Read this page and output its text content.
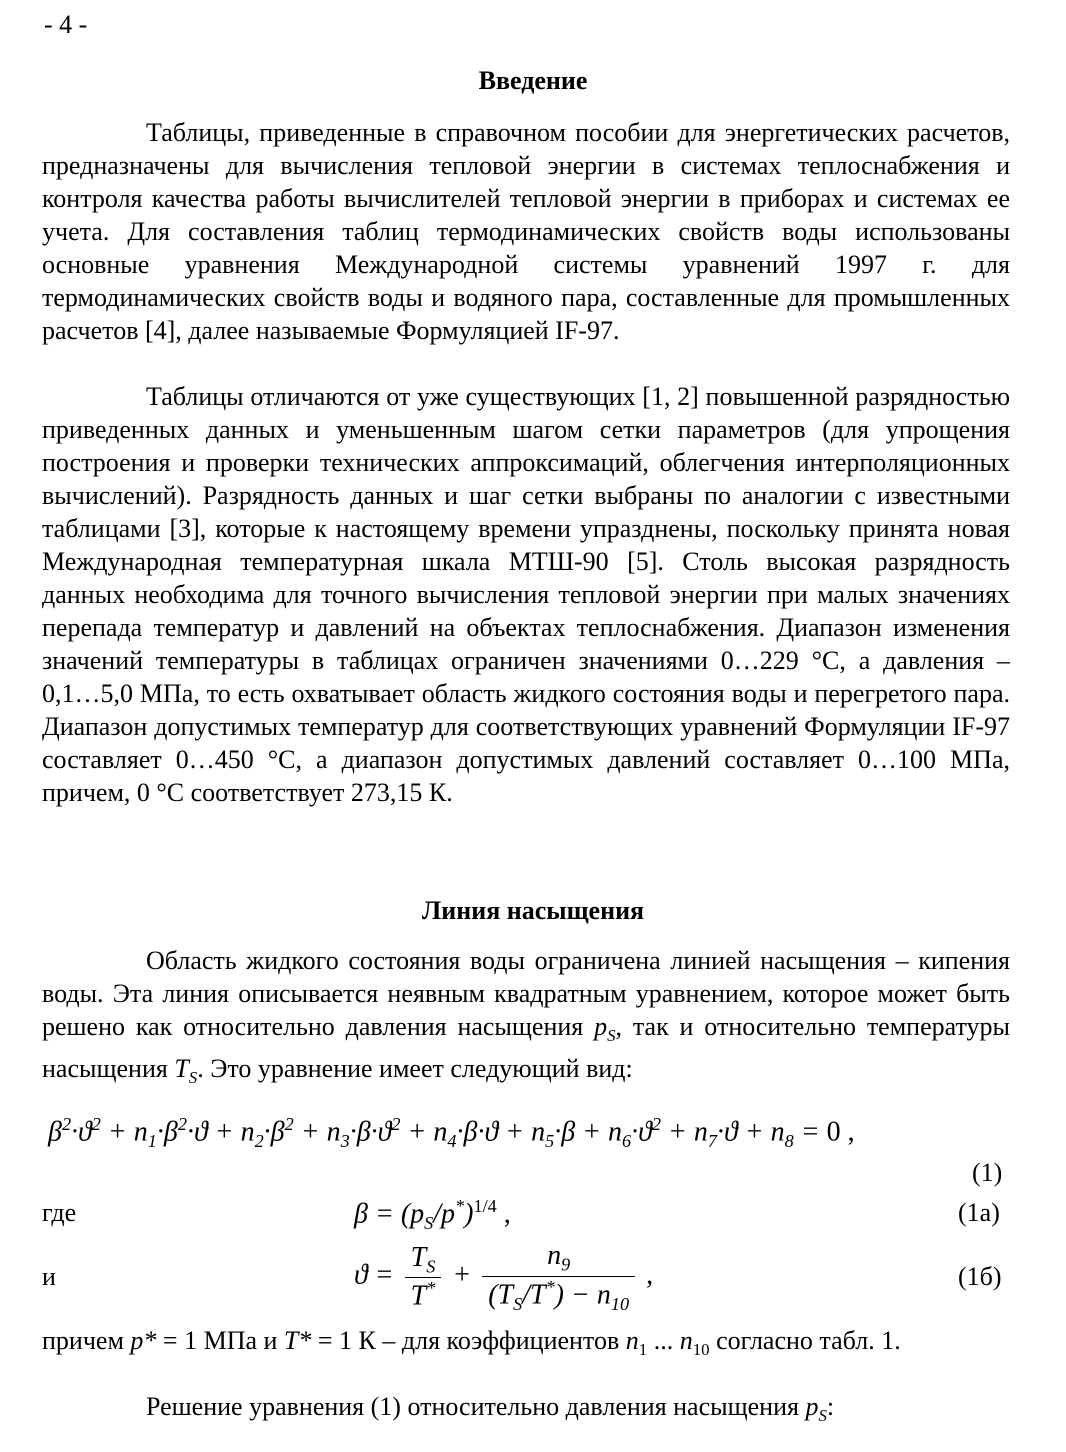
- 4 -
Введение

Таблицы, приведенные в справочном пособии для энергетических расчетов, предназначены для вычисления тепловой энергии в системах теплоснабжения и контроля качества работы вычислителей тепловой энергии в приборах и системах ее учета. Для составления таблиц термодинамических свойств воды использованы основные уравнения Международной системы уравнений 1997 г. для термодинамических свойств воды и водяного пара, составленные для промышленных расчетов [4], далее называемые Формуляцией IF-97.

Таблицы отличаются от уже существующих [1, 2] повышенной разрядностью приведенных данных и уменьшенным шагом сетки параметров (для упрощения построения и проверки технических аппроксимаций, облегчения интерполяционных вычислений). Разрядность данных и шаг сетки выбраны по аналогии с известными таблицами [3], которые к настоящему времени упразднены, поскольку принята новая Международная температурная шкала МТШ-90 [5]. Столь высокая разрядность данных необходима для точного вычисления тепловой энергии при малых значениях перепада температур и давлений на объектах теплоснабжения. Диапазон изменения значений температуры в таблицах ограничен значениями 0…229 °С, а давления – 0,1…5,0 МПа, то есть охватывает область жидкого состояния воды и перегретого пара. Диапазон допустимых температур для соответствующих уравнений Формуляции IF-97 составляет 0…450 °С, а диапазон допустимых давлений составляет 0…100 МПа, причем, 0 °С соответствует 273,15 К.

Линия насыщения

Область жидкого состояния воды ограничена линией насыщения – кипения воды. Эта линия описывается неявным квадратным уравнением, которое может быть решено как относительно давления насыщения $p_S$, так и относительно температуры насыщения $T_S$. Это уравнение имеет следующий вид:

$\beta^2\cdot ϑ^2 + n_1\cdot\beta^2\cdot ϑ + n_2\cdot\beta^2 + n_3\cdot\beta\cdot ϑ^2 + n_4\cdot\beta\cdot ϑ + n_5\cdot\beta + n_6\cdot ϑ^2 + n_7\cdot ϑ + n_8 = 0$ ,
(1)
где	$\beta = (p_S/p^*)^{1/4}$ ,	(1а)
и	$ϑ = \frac{T_S}{T^*} + \frac{n_9}{(T_S/T^*) - n_{10}}$ ,	(1б)

причем p* = 1 МПа и T* = 1 К – для коэффициентов $n_1$ ... $n_{10}$ согласно табл. 1.

Решение уравнения (1) относительно давления насыщения $p_S$:
